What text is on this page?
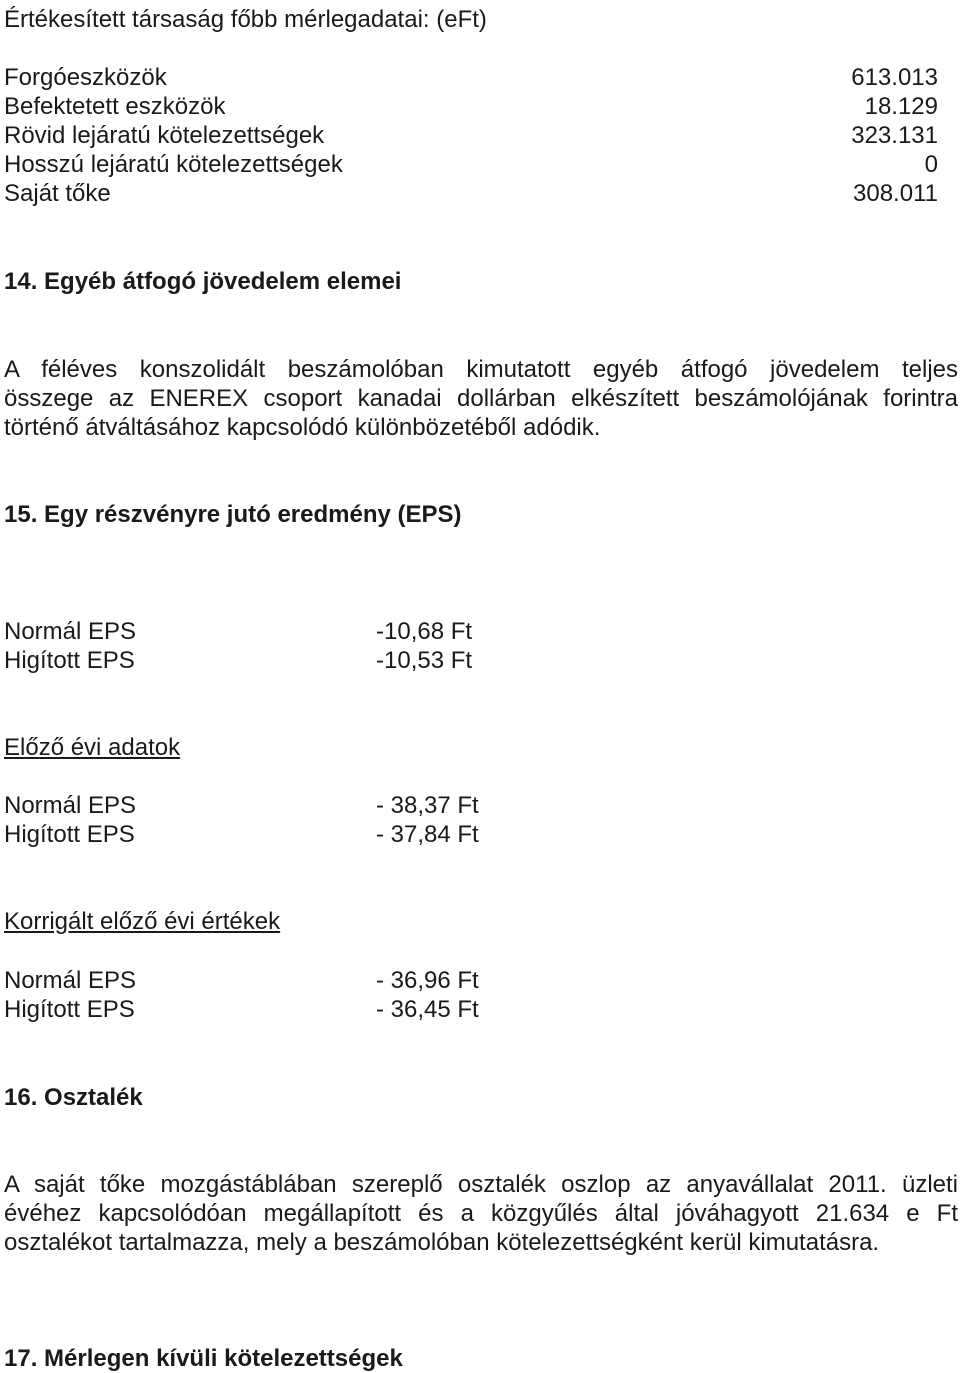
Értékesített társaság főbb mérlegadatai: (eFt)
Forgóeszközök	613.013
Befektetett eszközök	18.129
Rövid lejáratú kötelezettségek	323.131
Hosszú lejáratú kötelezettségek	0
Saját tőke	308.011
14. Egyéb átfogó jövedelem elemei
A féléves konszolidált beszámolóban kimutatott egyéb átfogó jövedelem teljes
összege az ENEREX csoport kanadai dollárban elkészített beszámolójának forintra
történő átváltásához kapcsolódó különbözetéből adódik.
15. Egy részvényre jutó eredmény (EPS)
Normál EPS	-10,68 Ft
Higított EPS	-10,53 Ft
Előző évi adatok
Normál EPS	- 38,37 Ft
Higított EPS	- 37,84 Ft
Korrigált előző évi értékek
Normál EPS	- 36,96 Ft
Higított EPS	- 36,45 Ft
16. Osztalék
A saját tőke mozgástáblában szereplő osztalék oszlop az anyavállalat 2011. üzleti
évéhez kapcsolódóan megállapított és a közgyűlés által jóváhagyott 21.634 e Ft
osztalékot tartalmazza, mely a beszámolóban kötelezettségként kerül kimutatásra.
17. Mérlegen kívüli kötelezettségek
